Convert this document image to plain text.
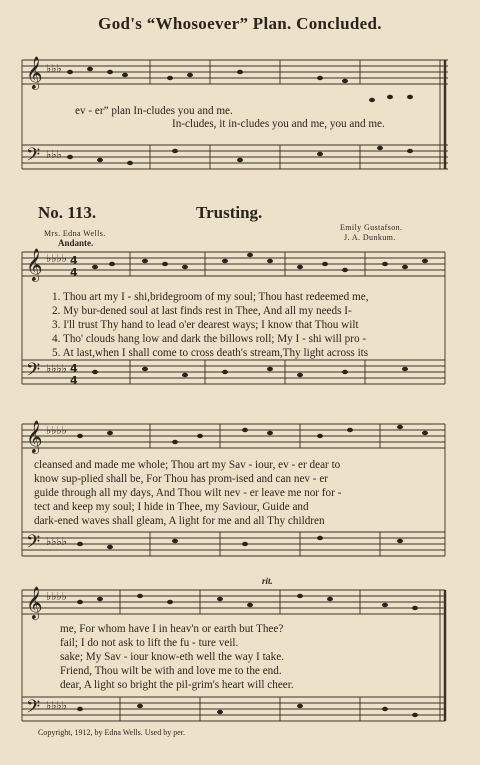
𝄞
𝄢
𝄞
𝄢
𝄞
𝄢
𝄞
𝄢
♭♭♭
♭♭♭
♭♭♭♭
♭♭♭♭
♭♭♭♭
♭♭♭♭
♭♭♭♭
♭♭♭♭
4
4
4
4
God's “Whosoever” Plan. Concluded.
ev - er” plan In-cludes you and me.
In-cludes, it in-cludes you and me, you and me.
No. 113.	Trusting.
Mrs. Edna Wells.
Emily Gustafson.
J. A. Dunkum.
Andante.
1. Thou art my I - shi,bridegroom of my soul; Thou hast redeemed me,
2. My bur-dened soul at last finds rest in Thee, And all my needs I-
3. I'll trust Thy hand to lead o'er dearest ways; I know that Thou wilt
4. Tho' clouds hang low and dark the billows roll; My I - shi will pro -
5. At last,when I shall come to cross death's stream,Thy light across its
cleansed and made me whole; Thou art my Sav - iour, ev - er dear to
know sup-plied shall be, For Thou has prom-ised and can nev - er
guide through all my days, And Thou wilt nev - er leave me nor for -
tect and keep my soul; I hide in Thee, my Saviour, Guide and
dark-ened waves shall gleam, A light for me and all Thy children
rit.
me, For whom have I in heav'n or earth but Thee?
fail; I do not ask to lift the fu - ture veil.
sake; My Sav - iour know-eth well the way I take.
Friend, Thou wilt be with and love me to the end.
dear, A light so bright the pil-grim's heart will cheer.
Copyright, 1912, by Edna Wells. Used by per.
